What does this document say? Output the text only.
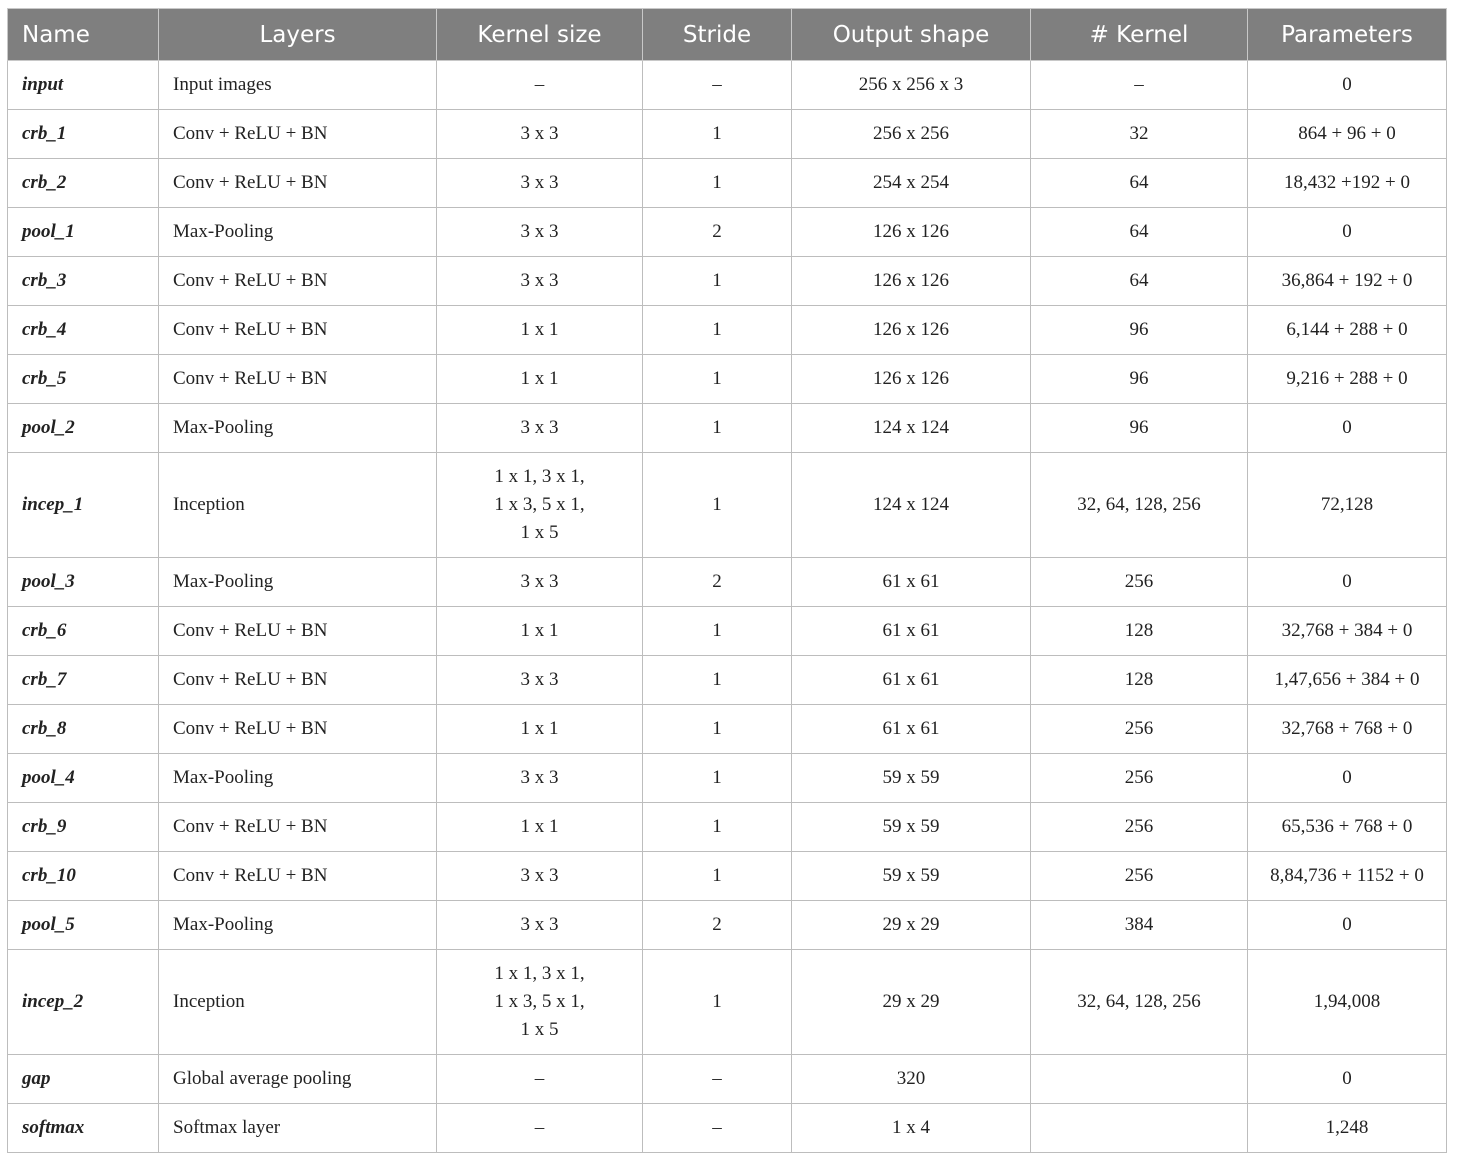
Name	Layers	Kernel size	Stride	Output shape	# Kernel	Parameters
input	Input images	–	–	256 x 256 x 3	–	0
crb_1	Conv + ReLU + BN	3 x 3	1	256 x 256	32	864 + 96 + 0
crb_2	Conv + ReLU + BN	3 x 3	1	254 x 254	64	18,432 +192 + 0
pool_1	Max-Pooling	3 x 3	2	126 x 126	64	0
crb_3	Conv + ReLU + BN	3 x 3	1	126 x 126	64	36,864 + 192 + 0
crb_4	Conv + ReLU + BN	1 x 1	1	126 x 126	96	6,144 + 288 + 0
crb_5	Conv + ReLU + BN	1 x 1	1	126 x 126	96	9,216 + 288 + 0
pool_2	Max-Pooling	3 x 3	1	124 x 124	96	0
incep_1	Inception	1 x 1, 3 x 1,
1 x 3, 5 x 1,
1 x 5	1	124 x 124	32, 64, 128, 256	72,128
pool_3	Max-Pooling	3 x 3	2	61 x 61	256	0
crb_6	Conv + ReLU + BN	1 x 1	1	61 x 61	128	32,768 + 384 + 0
crb_7	Conv + ReLU + BN	3 x 3	1	61 x 61	128	1,47,656 + 384 + 0
crb_8	Conv + ReLU + BN	1 x 1	1	61 x 61	256	32,768 + 768 + 0
pool_4	Max-Pooling	3 x 3	1	59 x 59	256	0
crb_9	Conv + ReLU + BN	1 x 1	1	59 x 59	256	65,536 + 768 + 0
crb_10	Conv + ReLU + BN	3 x 3	1	59 x 59	256	8,84,736 + 1152 + 0
pool_5	Max-Pooling	3 x 3	2	29 x 29	384	0
incep_2	Inception	1 x 1, 3 x 1,
1 x 3, 5 x 1,
1 x 5	1	29 x 29	32, 64, 128, 256	1,94,008
gap	Global average pooling	–	–	320		0
softmax	Softmax layer	–	–	1 x 4		1,248
